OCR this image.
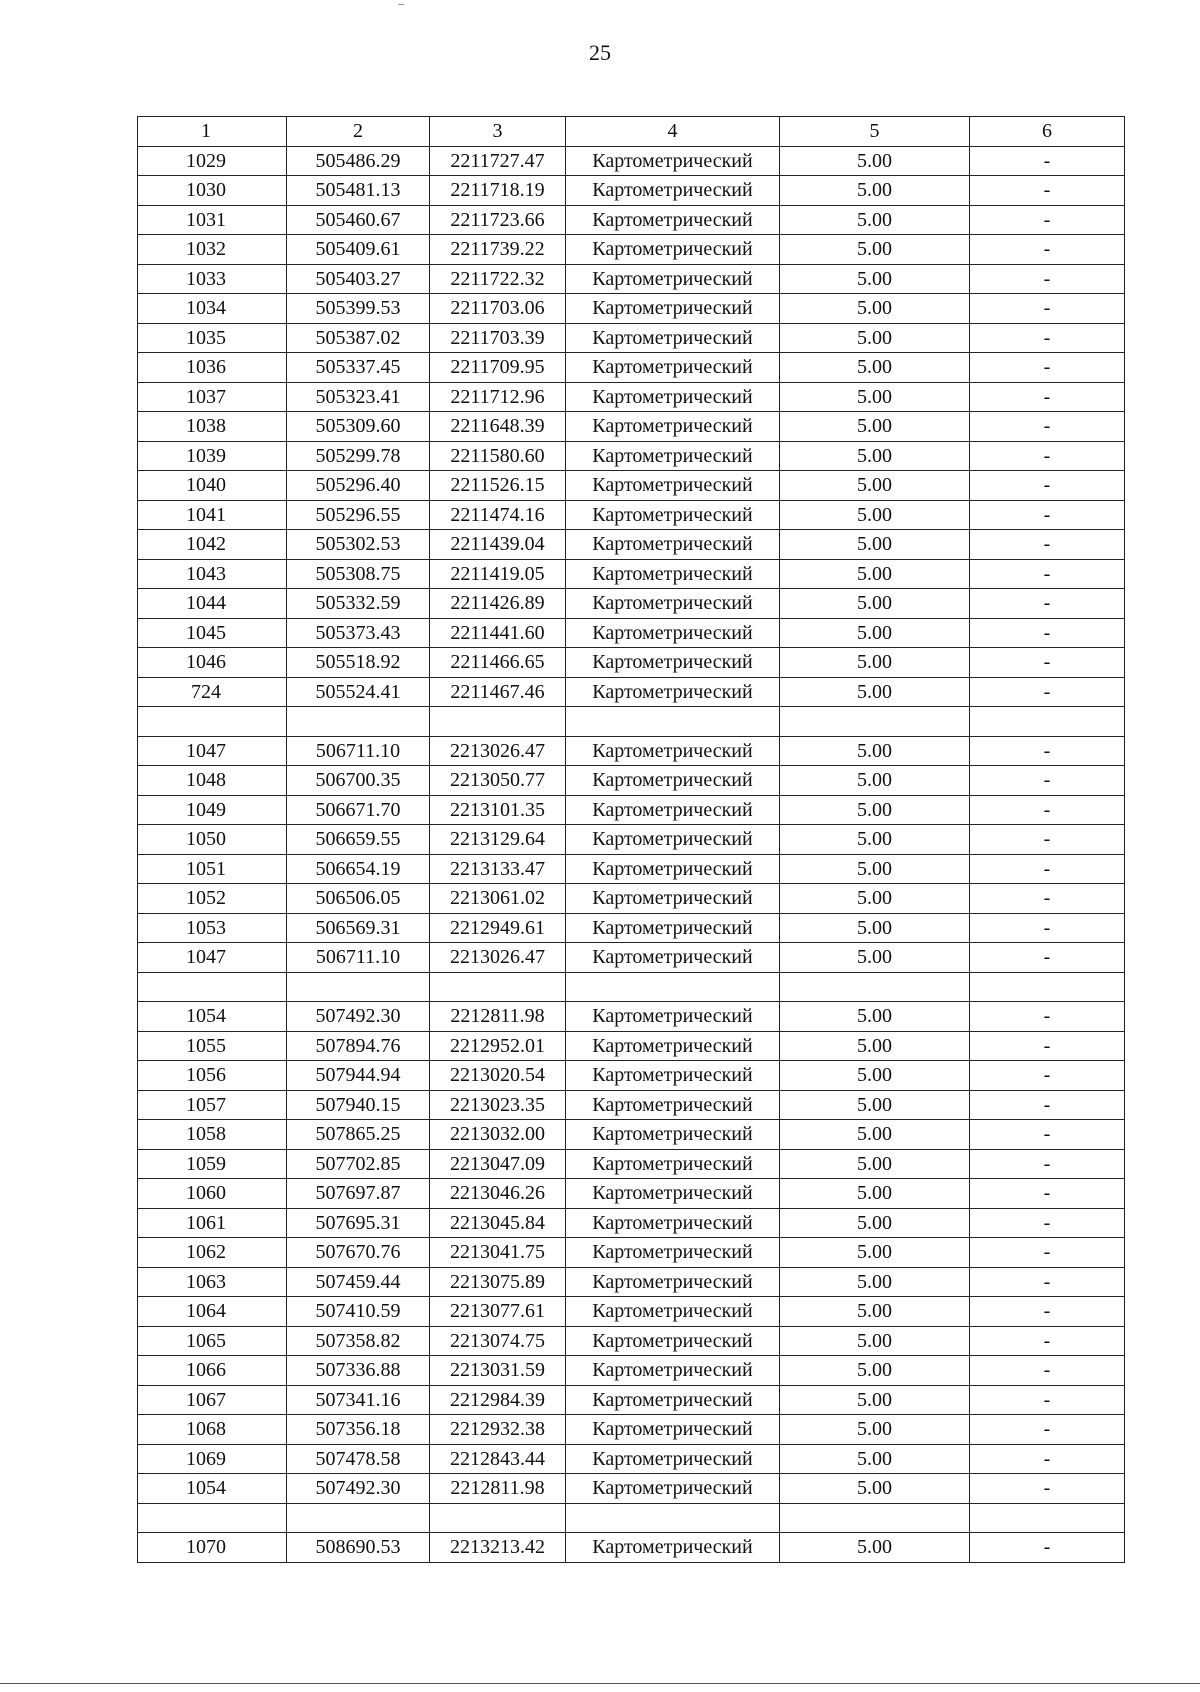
25
1	2	3	4	5	6
1029	505486.29	2211727.47	Картометрический	5.00	-
1030	505481.13	2211718.19	Картометрический	5.00	-
1031	505460.67	2211723.66	Картометрический	5.00	-
1032	505409.61	2211739.22	Картометрический	5.00	-
1033	505403.27	2211722.32	Картометрический	5.00	-
1034	505399.53	2211703.06	Картометрический	5.00	-
1035	505387.02	2211703.39	Картометрический	5.00	-
1036	505337.45	2211709.95	Картометрический	5.00	-
1037	505323.41	2211712.96	Картометрический	5.00	-
1038	505309.60	2211648.39	Картометрический	5.00	-
1039	505299.78	2211580.60	Картометрический	5.00	-
1040	505296.40	2211526.15	Картометрический	5.00	-
1041	505296.55	2211474.16	Картометрический	5.00	-
1042	505302.53	2211439.04	Картометрический	5.00	-
1043	505308.75	2211419.05	Картометрический	5.00	-
1044	505332.59	2211426.89	Картометрический	5.00	-
1045	505373.43	2211441.60	Картометрический	5.00	-
1046	505518.92	2211466.65	Картометрический	5.00	-
724	505524.41	2211467.46	Картометрический	5.00	-

1047	506711.10	2213026.47	Картометрический	5.00	-
1048	506700.35	2213050.77	Картометрический	5.00	-
1049	506671.70	2213101.35	Картометрический	5.00	-
1050	506659.55	2213129.64	Картометрический	5.00	-
1051	506654.19	2213133.47	Картометрический	5.00	-
1052	506506.05	2213061.02	Картометрический	5.00	-
1053	506569.31	2212949.61	Картометрический	5.00	-
1047	506711.10	2213026.47	Картометрический	5.00	-

1054	507492.30	2212811.98	Картометрический	5.00	-
1055	507894.76	2212952.01	Картометрический	5.00	-
1056	507944.94	2213020.54	Картометрический	5.00	-
1057	507940.15	2213023.35	Картометрический	5.00	-
1058	507865.25	2213032.00	Картометрический	5.00	-
1059	507702.85	2213047.09	Картометрический	5.00	-
1060	507697.87	2213046.26	Картометрический	5.00	-
1061	507695.31	2213045.84	Картометрический	5.00	-
1062	507670.76	2213041.75	Картометрический	5.00	-
1063	507459.44	2213075.89	Картометрический	5.00	-
1064	507410.59	2213077.61	Картометрический	5.00	-
1065	507358.82	2213074.75	Картометрический	5.00	-
1066	507336.88	2213031.59	Картометрический	5.00	-
1067	507341.16	2212984.39	Картометрический	5.00	-
1068	507356.18	2212932.38	Картометрический	5.00	-
1069	507478.58	2212843.44	Картометрический	5.00	-
1054	507492.30	2212811.98	Картометрический	5.00	-

1070	508690.53	2213213.42	Картометрический	5.00	-
